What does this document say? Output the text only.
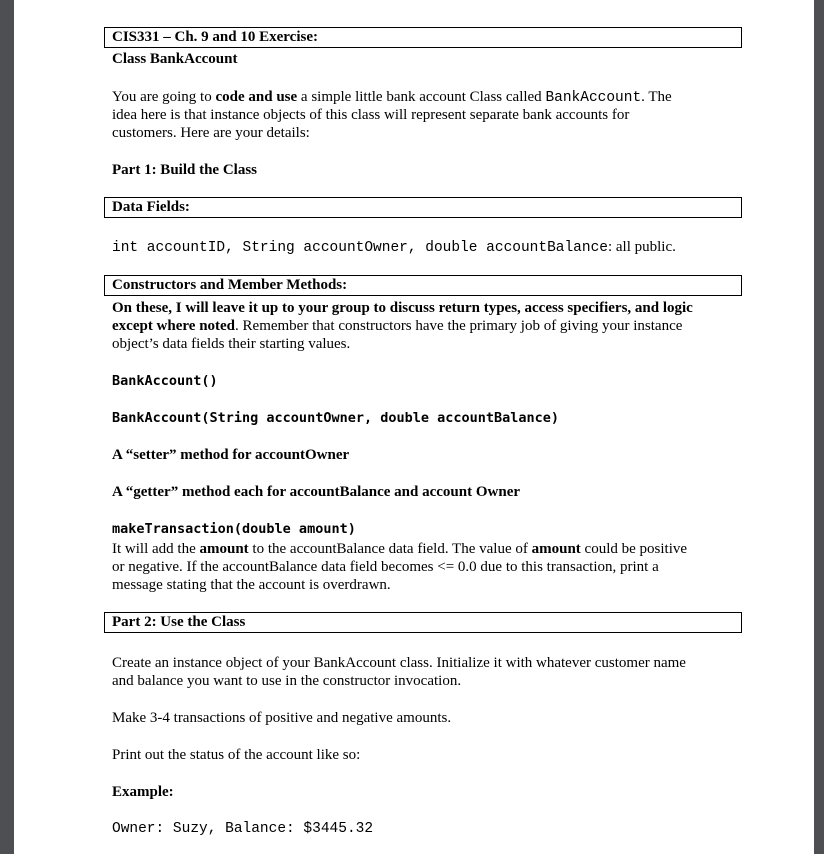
CIS331 – Ch. 9 and 10 Exercise:
Class BankAccount
You are going to code and use a simple little bank account Class called BankAccount. The
idea here is that instance objects of this class will represent separate bank accounts for
customers. Here are your details:
Part 1: Build the Class
Data Fields:
int accountID, String accountOwner, double accountBalance: all public.
Constructors and Member Methods:
On these, I will leave it up to your group to discuss return types, access specifiers, and logic
except where noted. Remember that constructors have the primary job of giving your instance
object’s data fields their starting values.
BankAccount()
BankAccount(String accountOwner, double accountBalance)
A “setter” method for accountOwner
A “getter” method each for accountBalance and account Owner
makeTransaction(double amount)
It will add the amount to the accountBalance data field. The value of amount could be positive
or negative. If the accountBalance data field becomes <= 0.0 due to this transaction, print a
message stating that the account is overdrawn.
Part 2: Use the Class
Create an instance object of your BankAccount class. Initialize it with whatever customer name
and balance you want to use in the constructor invocation.
Make 3-4 transactions of positive and negative amounts.
Print out the status of the account like so:
Example:
Owner: Suzy, Balance: $3445.32
